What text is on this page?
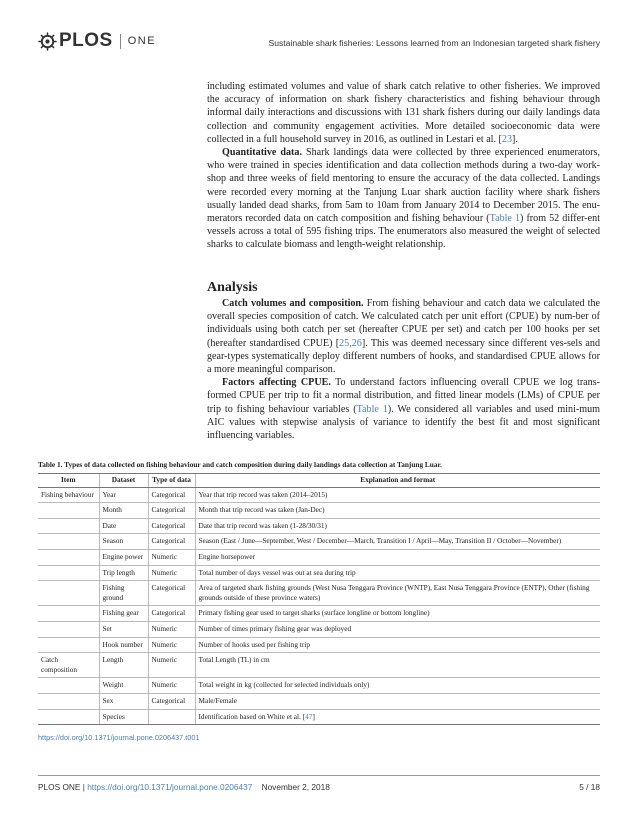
PLOS ONE	Sustainable shark fisheries: Lessons learned from an Indonesian targeted shark fishery

including estimated volumes and value of shark catch relative to other fisheries. We improved the accuracy of information on shark fishery characteristics and fishing behaviour through informal daily interactions and discussions with 131 shark fishers during our daily landings data collection and community engagement activities. More detailed socioeconomic data were collected in a full household survey in 2016, as outlined in Lestari et al. [23].

Quantitative data. Shark landings data were collected by three experienced enumerators, who were trained in species identification and data collection methods during a two-day work-shop and three weeks of field mentoring to ensure the accuracy of the data collected. Landings were recorded every morning at the Tanjung Luar shark auction facility where shark fishers usually landed dead sharks, from 5am to 10am from January 2014 to December 2015. The enu-merators recorded data on catch composition and fishing behaviour (Table 1) from 52 differ-ent vessels across a total of 595 fishing trips. The enumerators also measured the weight of selected sharks to calculate biomass and length-weight relationship.

Analysis

Catch volumes and composition. From fishing behaviour and catch data we calculated the overall species composition of catch. We calculated catch per unit effort (CPUE) by num-ber of individuals using both catch per set (hereafter CPUE per set) and catch per 100 hooks per set (hereafter standardised CPUE) [25,26]. This was deemed necessary since different ves-sels and gear-types systematically deploy different numbers of hooks, and standardised CPUE allows for a more meaningful comparison.

Factors affecting CPUE. To understand factors influencing overall CPUE we log trans-formed CPUE per trip to fit a normal distribution, and fitted linear models (LMs) of CPUE per trip to fishing behaviour variables (Table 1). We considered all variables and used mini-mum AIC values with stepwise analysis of variance to identify the best fit and most significant influencing variables.

Table 1. Types of data collected on fishing behaviour and catch composition during daily landings data collection at Tanjung Luar.
Item	Dataset	Type of data	Explanation and format
Fishing behaviour	Year	Categorical	Year that trip record was taken (2014–2015)
	Month	Categorical	Month that trip record was taken (Jan-Dec)
	Date	Categorical	Date that trip record was taken (1-28/30/31)
	Season	Categorical	Season (East / June—September, West / December—March, Transition I / April—May, Transition II / October—November)
	Engine power	Numeric	Engine horsepower
	Trip length	Numeric	Total number of days vessel was out at sea during trip
	Fishing ground	Categorical	Area of targeted shark fishing grounds (West Nusa Tenggara Province (WNTP), East Nusa Tenggara Province (ENTP), Other (fishing grounds outside of these province waters)
	Fishing gear	Categorical	Primary fishing gear used to target sharks (surface longline or bottom longline)
	Set	Numeric	Number of times primary fishing gear was deployed
	Hook number	Numeric	Number of hooks used per fishing trip
Catch composition	Length	Numeric	Total Length (TL) in cm
	Weight	Numeric	Total weight in kg (collected for selected individuals only)
	Sex	Categorical	Male/Female
	Species		Identification based on White et al. [47]
https://doi.org/10.1371/journal.pone.0206437.t001
PLOS ONE | https://doi.org/10.1371/journal.pone.0206437 November 2, 2018	5 / 18
